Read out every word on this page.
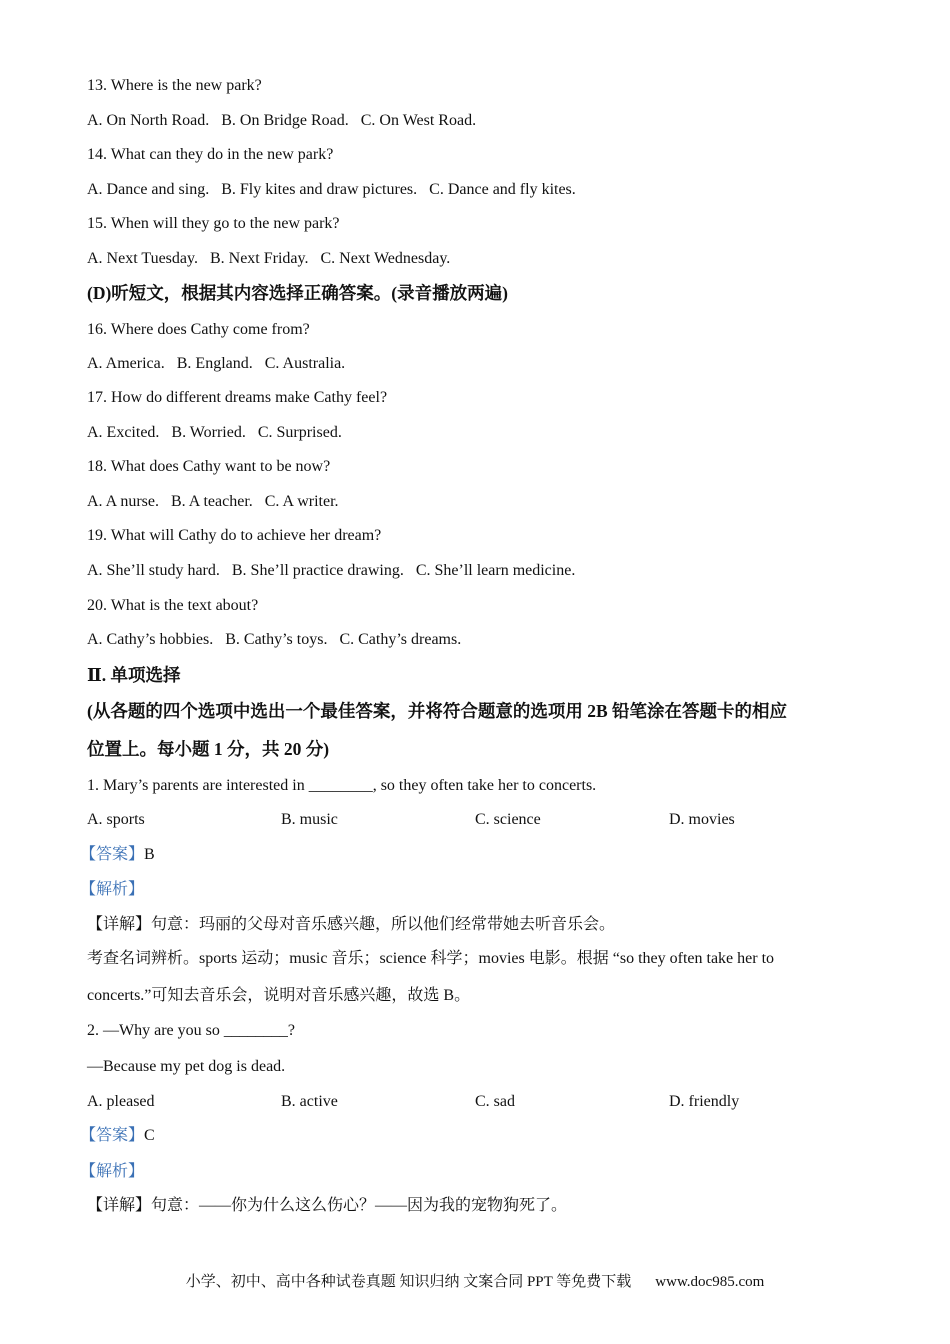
13. Where is the new park?
A. On North Road.   B. On Bridge Road.   C. On West Road.
14. What can they do in the new park?
A. Dance and sing.   B. Fly kites and draw pictures.   C. Dance and fly kites.
15. When will they go to the new park?
A. Next Tuesday.   B. Next Friday.   C. Next Wednesday.
(D)听短文，根据其内容选择正确答案。(录音播放两遍)
16. Where does Cathy come from?
A. America.   B. England.   C. Australia.
17. How do different dreams make Cathy feel?
A. Excited.   B. Worried.   C. Surprised.
18. What does Cathy want to be now?
A. A nurse.   B. A teacher.   C. A writer.
19. What will Cathy do to achieve her dream?
A. She’ll study hard.   B. She’ll practice drawing.   C. She’ll learn medicine.
20. What is the text about?
A. Cathy’s hobbies.   B. Cathy’s toys.   C. Cathy’s dreams.
Ⅱ. 单项选择
(从各题的四个选项中选出一个最佳答案，并将符合题意的选项用 2B 铅笔涂在答题卡的相应
位置上。每小题 1 分，共 20 分)
1. Mary’s parents are interested in ________, so they often take her to concerts.
A. sports	B. music	C. science	D. movies
【答案】B
【解析】
【详解】句意：玛丽的父母对音乐感兴趣，所以他们经常带她去听音乐会。
考查名词辨析。sports 运动；music 音乐；science 科学；movies 电影。根据 “so they often take her to
concerts.”可知去音乐会，说明对音乐感兴趣，故选 B。
2. —Why are you so ________?
—Because my pet dog is dead.
A. pleased	B. active	C. sad	D. friendly
【答案】C
【解析】
【详解】句意：——你为什么这么伤心？——因为我的宠物狗死了。
小学、初中、高中各种试卷真题 知识归纳 文案合同 PPT 等免费下载 www.doc985.com
